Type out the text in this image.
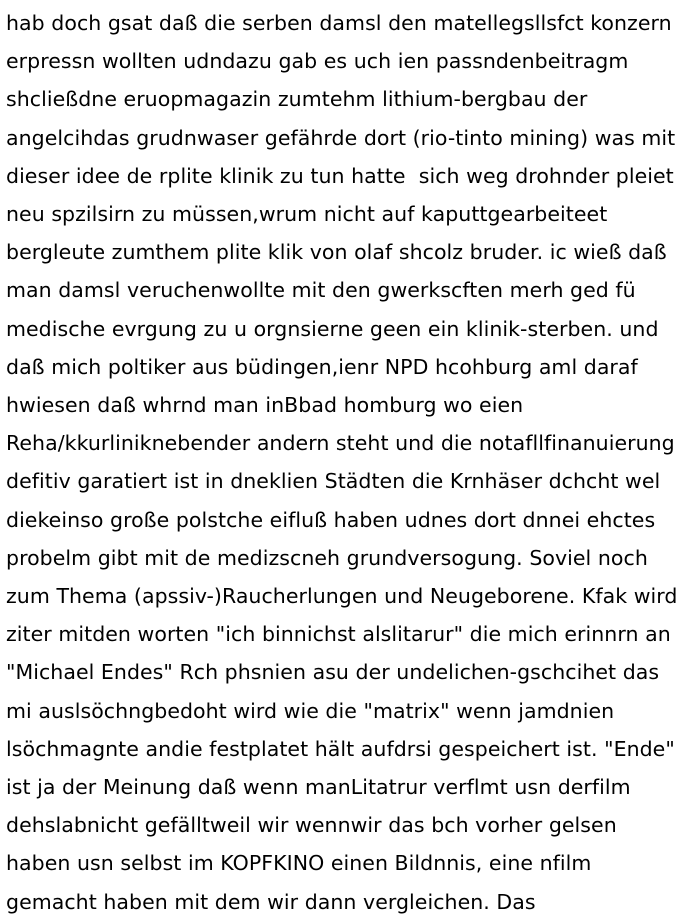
hab doch gsat daß die serben damsl den matellegsllsfct konzern erpressn wollten udndazu gab es uch ien passndenbeitragm shcließdne eruopmagazin zumtehm lithium-bergbau der angelcihdas grudnwaser gefährde dort (rio-tinto mining) was mit dieser idee de rplite klinik zu tun hatte  sich weg drohnder pleiet neu spzilsirn zu müssen,wrum nicht auf kaputtgearbeiteet bergleute zumthem plite klik von olaf shcolz bruder. ic wieß daß man damsl veruchenwollte mit den gwerkscften merh ged fü medische evrgung zu u orgnsierne geen ein klinik-sterben. und daß mich poltiker aus büdingen,ienr NPD hcohburg aml daraf hwiesen daß whrnd man inBbad homburg wo eien Reha/kkurliniknebender andern steht und die notafllfinanuierung defitiv garatiert ist in dneklien Städten die Krnhäser dchcht wel diekeinso große polstche eifluß haben udnes dort dnnei ehctes probelm gibt mit de medizscneh grundversogung. Soviel noch zum Thema (apssiv-)Raucherlungen und Neugeborene. Kfak wird ziter mitden worten "ich binnichst alslitarur" die mich erinnrn an "Michael Endes" Rch phsnien asu der undelichen-gschcihet das mi auslsöchngbedoht wird wie die "matrix" wenn jamdnien lsöchmagnte andie festplatet hält aufdrsi gespeichert ist. "Ende" ist ja der Meinung daß wenn manLitatrur verflmt usn derfilm dehslabnicht gefälltweil wir wennwir das bch vorher gelsen haben usn selbst im KOPFKINO einen Bildnnis, eine nfilm gemacht haben mit dem wir dann vergleichen. Das
